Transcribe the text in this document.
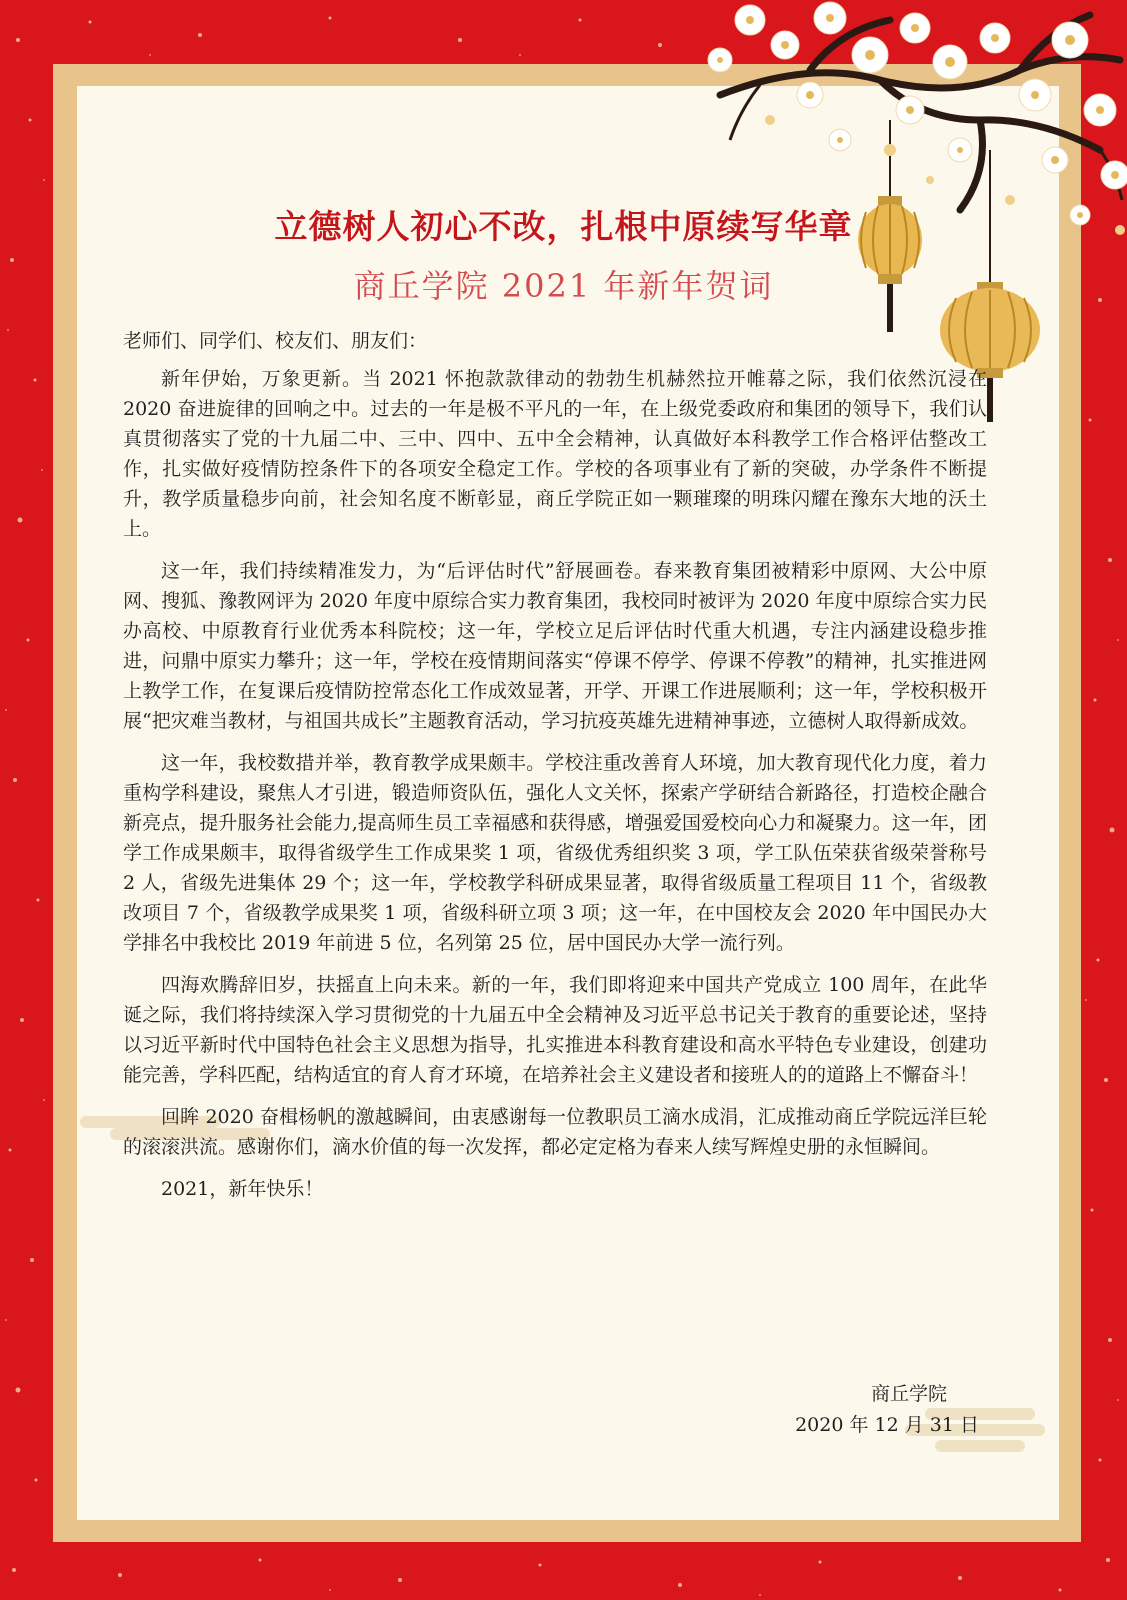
立德树人初心不改，扎根中原续写华章
商丘学院 2021 年新年贺词

老师们、同学们、校友们、朋友们：

新年伊始，万象更新。当 2021 怀抱款款律动的勃勃生机赫然拉开帷幕之际，我们依然沉浸在 2020 奋进旋律的回响之中。过去的一年是极不平凡的一年，在上级党委政府和集团的领导下，我们认真贯彻落实了党的十九届二中、三中、四中、五中全会精神，认真做好本科教学工作合格评估整改工作，扎实做好疫情防控条件下的各项安全稳定工作。学校的各项事业有了新的突破，办学条件不断提升，教学质量稳步向前，社会知名度不断彰显，商丘学院正如一颗璀璨的明珠闪耀在豫东大地的沃土上。

这一年，我们持续精准发力，为“后评估时代”舒展画卷。春来教育集团被精彩中原网、大公中原网、搜狐、豫教网评为 2020 年度中原综合实力教育集团，我校同时被评为 2020 年度中原综合实力民办高校、中原教育行业优秀本科院校；这一年，学校立足后评估时代重大机遇，专注内涵建设稳步推进，问鼎中原实力攀升；这一年，学校在疫情期间落实“停课不停学、停课不停教”的精神，扎实推进网上教学工作，在复课后疫情防控常态化工作成效显著，开学、开课工作进展顺利；这一年，学校积极开展“把灾难当教材，与祖国共成长”主题教育活动，学习抗疫英雄先进精神事迹，立德树人取得新成效。

这一年，我校数措并举，教育教学成果颇丰。学校注重改善育人环境，加大教育现代化力度，着力重构学科建设，聚焦人才引进，锻造师资队伍，强化人文关怀，探索产学研结合新路径，打造校企融合新亮点，提升服务社会能力,提高师生员工幸福感和获得感，增强爱国爱校向心力和凝聚力。这一年，团学工作成果颇丰，取得省级学生工作成果奖 1 项，省级优秀组织奖 3 项，学工队伍荣获省级荣誉称号 2 人，省级先进集体 29 个；这一年，学校教学科研成果显著，取得省级质量工程项目 11 个，省级教改项目 7 个，省级教学成果奖 1 项，省级科研立项 3 项；这一年，在中国校友会 2020 年中国民办大学排名中我校比 2019 年前进 5 位，名列第 25 位，居中国民办大学一流行列。

四海欢腾辞旧岁，扶摇直上向未来。新的一年，我们即将迎来中国共产党成立 100 周年，在此华诞之际，我们将持续深入学习贯彻党的十九届五中全会精神及习近平总书记关于教育的重要论述，坚持以习近平新时代中国特色社会主义思想为指导，扎实推进本科教育建设和高水平特色专业建设，创建功能完善，学科匹配，结构适宜的育人育才环境，在培养社会主义建设者和接班人的的道路上不懈奋斗！

回眸 2020 奋楫杨帆的激越瞬间，由衷感谢每一位教职员工滴水成涓，汇成推动商丘学院远洋巨轮的滚滚洪流。感谢你们，滴水价值的每一次发挥，都必定定格为春来人续写辉煌史册的永恒瞬间。

2021，新年快乐！

商丘学院
2020 年 12 月 31 日
